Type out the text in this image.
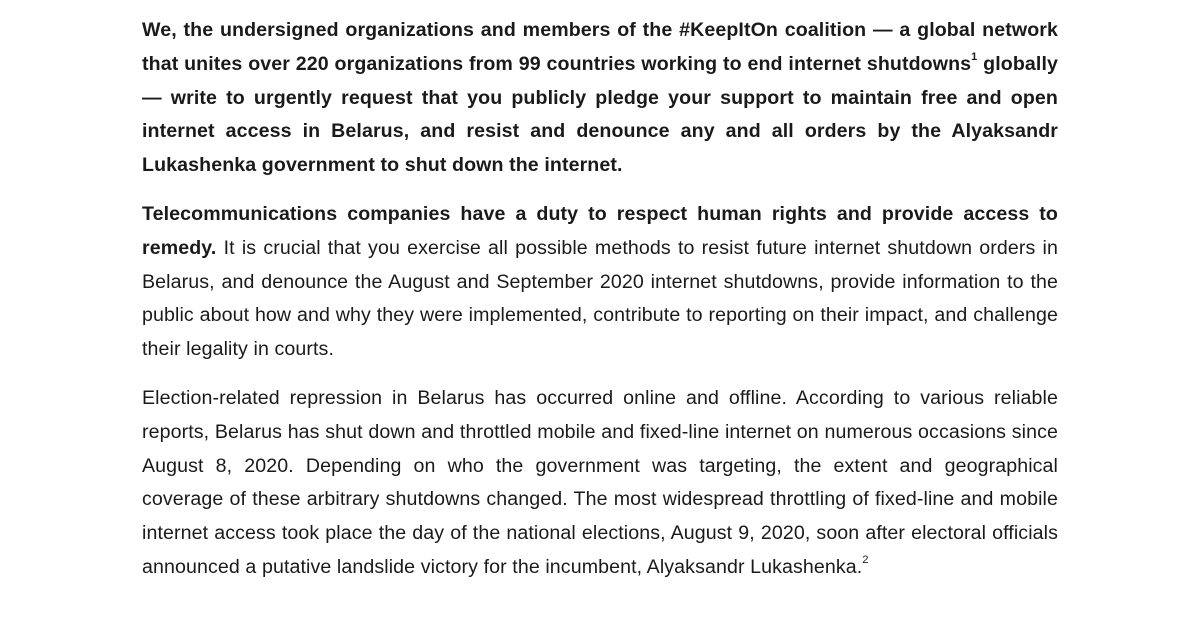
We, the undersigned organizations and members of the #KeepItOn coalition — a global network that unites over 220 organizations from 99 countries working to end internet shutdowns$^1$ globally — write to urgently request that you publicly pledge your support to maintain free and open internet access in Belarus, and resist and denounce any and all orders by the Alyaksandr Lukashenka government to shut down the internet.

Telecommunications companies have a duty to respect human rights and provide access to remedy. It is crucial that you exercise all possible methods to resist future internet shutdown orders in Belarus, and denounce the August and September 2020 internet shutdowns, provide information to the public about how and why they were implemented, contribute to reporting on their impact, and challenge their legality in courts.

Election-related repression in Belarus has occurred online and offline. According to various reliable reports, Belarus has shut down and throttled mobile and fixed-line internet on numerous occasions since August 8, 2020. Depending on who the government was targeting, the extent and geographical coverage of these arbitrary shutdowns changed. The most widespread throttling of fixed-line and mobile internet access took place the day of the national elections, August 9, 2020, soon after electoral officials announced a putative landslide victory for the incumbent, Alyaksandr Lukashenka.$^2$
